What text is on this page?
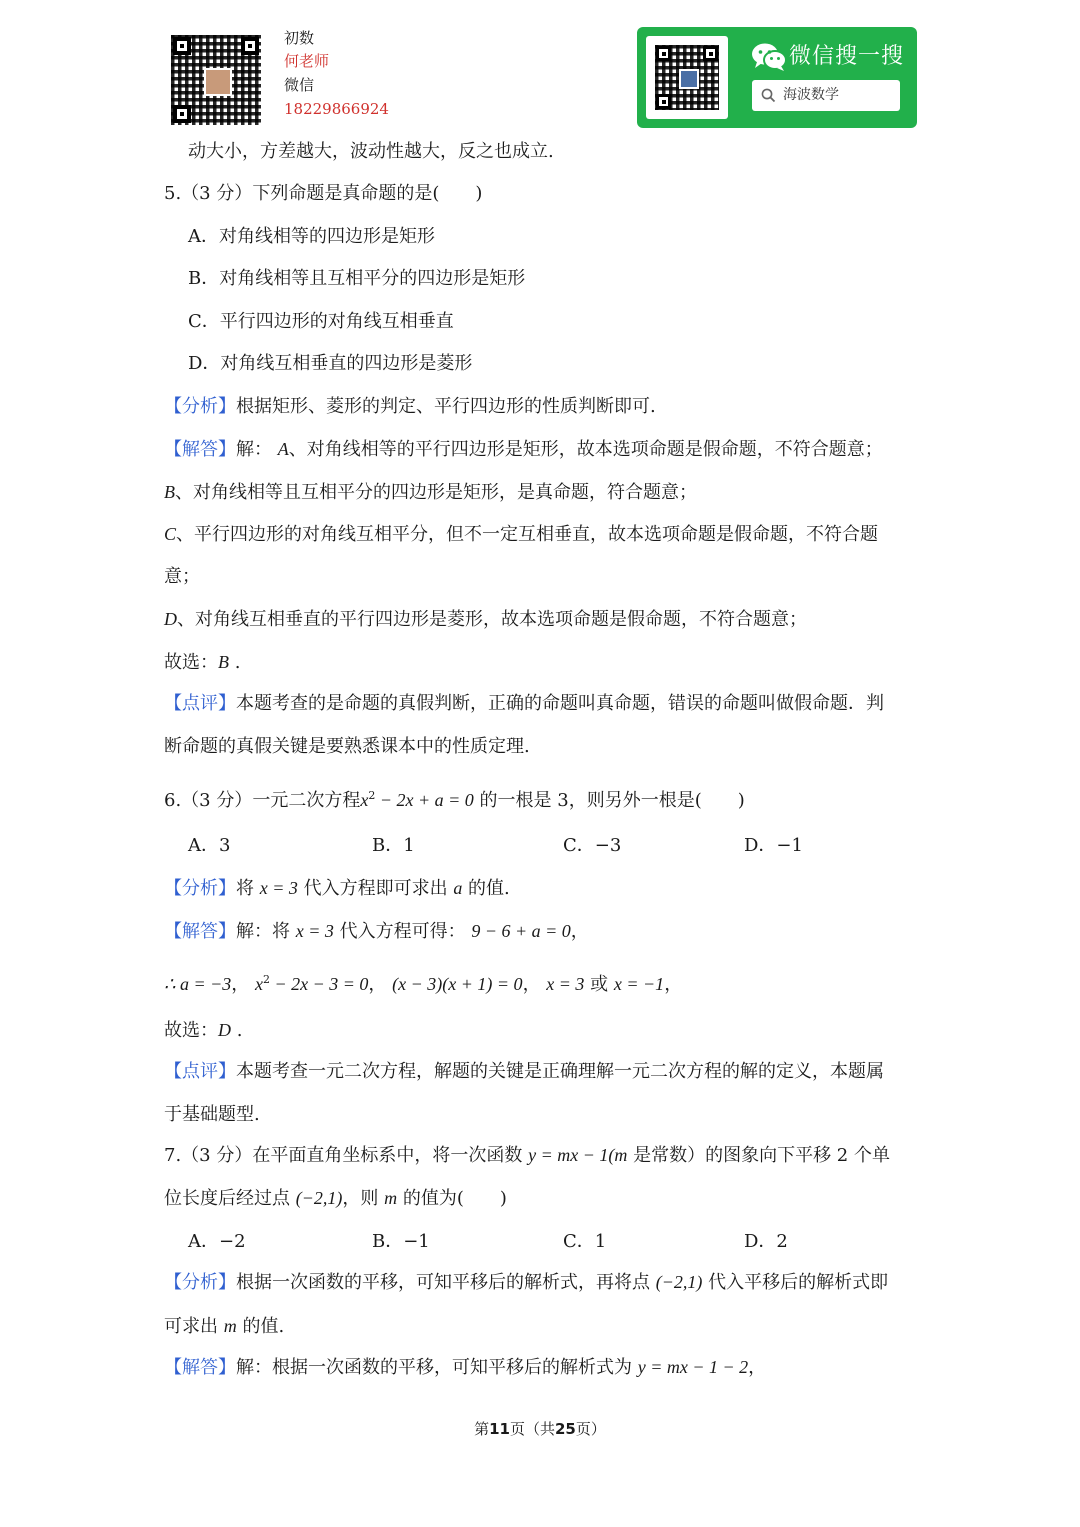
初数
何老师
微信
18229866924
微信搜一搜
海波数学
动大小，方差越大，波动性越大，反之也成立.
5.（3 分）下列命题是真命题的是(　　)
A．对角线相等的四边形是矩形
B．对角线相等且互相平分的四边形是矩形
C．平行四边形的对角线互相垂直
D．对角线互相垂直的四边形是菱形
【分析】根据矩形、菱形的判定、平行四边形的性质判断即可.
【解答】解： A、对角线相等的平行四边形是矩形，故本选项命题是假命题，不符合题意；
B、对角线相等且互相平分的四边形是矩形，是真命题，符合题意；
C、平行四边形的对角线互相平分，但不一定互相垂直，故本选项命题是假命题，不符合题
意；
D、对角线互相垂直的平行四边形是菱形，故本选项命题是假命题，不符合题意；
故选：B .
【点评】本题考查的是命题的真假判断，正确的命题叫真命题，错误的命题叫做假命题．判
断命题的真假关键是要熟悉课本中的性质定理.
6.（3 分）一元二次方程$x^2 - 2x + a = 0$ 的一根是 3，则另外一根是(　　)
A．3	B．1	C．−3	D．−1
【分析】将 x = 3 代入方程即可求出 a 的值.
【解答】解：将 x = 3 代入方程可得： 9 − 6 + a = 0，
∴ a = −3， $x^2 - 2x - 3 = 0$， (x − 3)(x + 1) = 0， x = 3 或 x = −1，
故选：D .
【点评】本题考查一元二次方程，解题的关键是正确理解一元二次方程的解的定义，本题属
于基础题型.
7.（3 分）在平面直角坐标系中，将一次函数 y = mx − 1(m 是常数）的图象向下平移 2 个单
位长度后经过点 (−2,1)，则 m 的值为(　　)
A．−2	B．−1	C．1	D．2
【分析】根据一次函数的平移，可知平移后的解析式，再将点 (−2,1) 代入平移后的解析式即
可求出 m 的值.
【解答】解：根据一次函数的平移，可知平移后的解析式为 y = mx − 1 − 2，
第11页（共25页）
